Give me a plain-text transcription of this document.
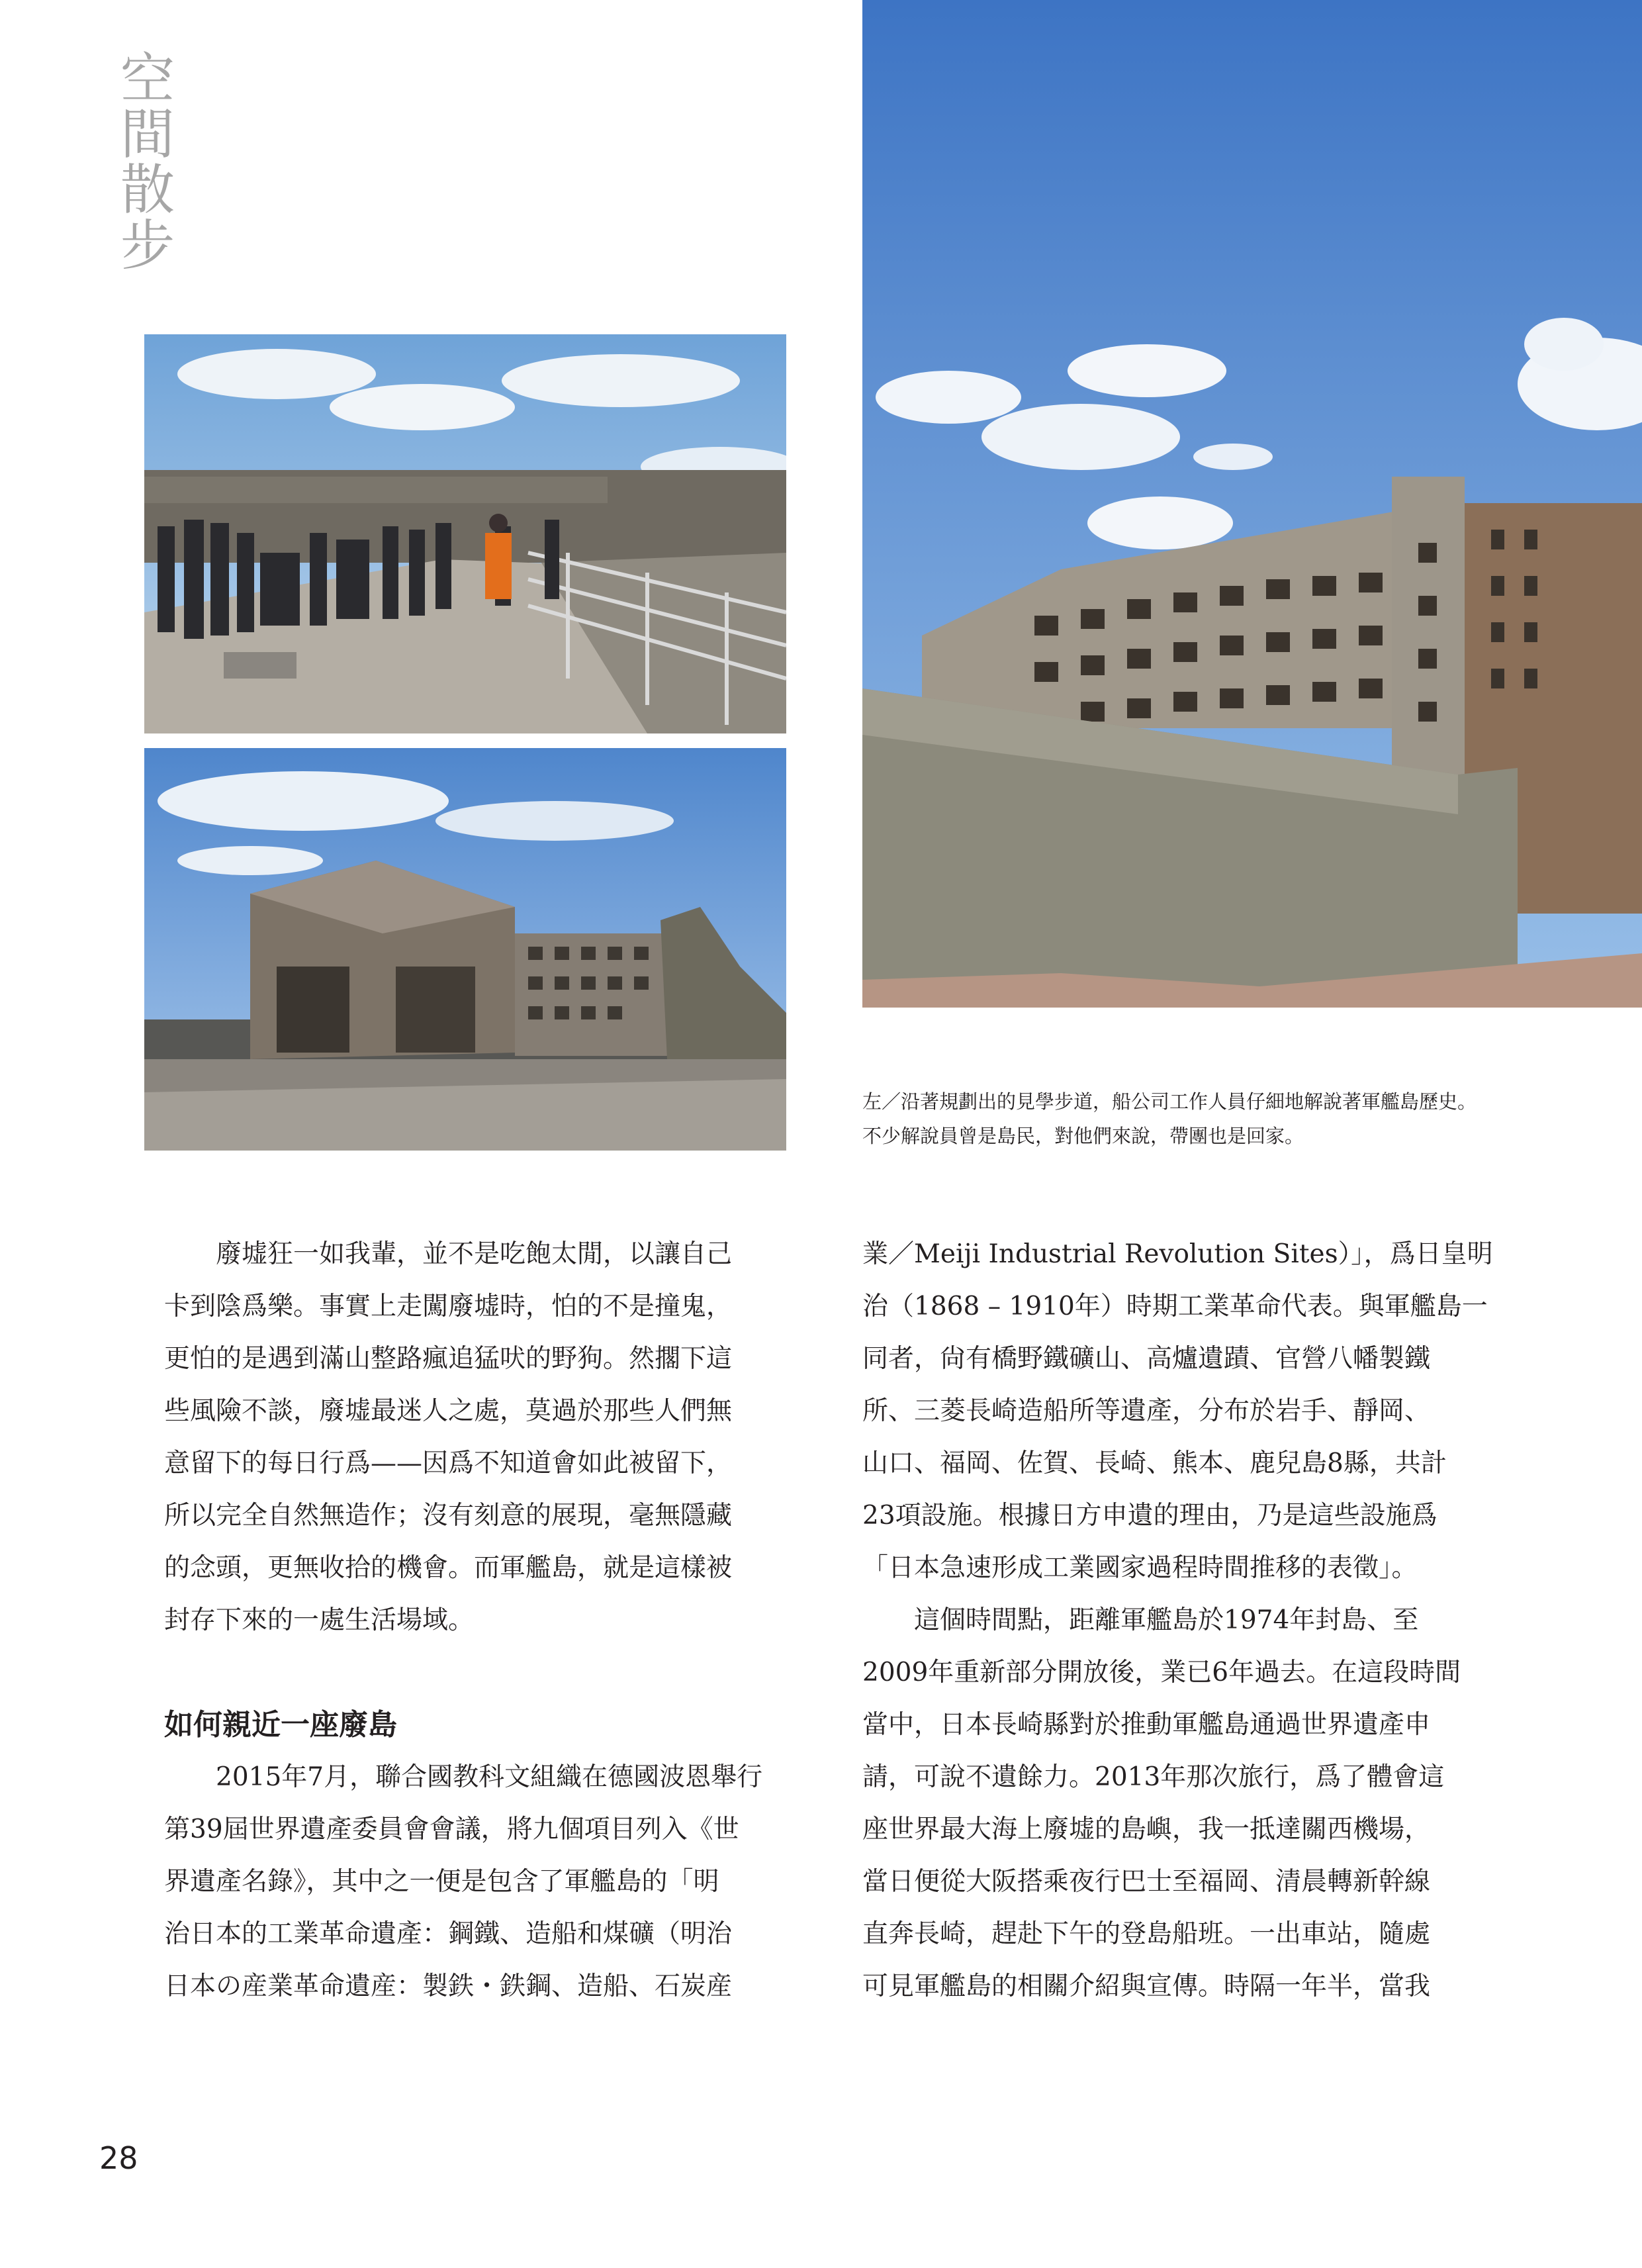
空間
散步

左／沿著規劃出的見學步道，船公司工作人員仔細地解說著軍艦島歷史。

不少解說員曾是島民，對他們來說，帶團也是回家。

　　廢墟狂一如我輩，並不是吃飽太閒，以讓自己

卡到陰爲樂。事實上走闖廢墟時，怕的不是撞鬼，

更怕的是遇到滿山整路瘋追猛吠的野狗。然擱下這

些風險不談，廢墟最迷人之處，莫過於那些人們無

意留下的每日行爲——因爲不知道會如此被留下，

所以完全自然無造作；沒有刻意的展現，毫無隱藏

的念頭，更無收拾的機會。而軍艦島，就是這樣被

封存下來的一處生活場域。

如何親近一座廢島

　　2015年7月，聯合國教科文組織在德國波恩舉行

第39屆世界遺產委員會會議，將九個項目列入《世

界遺產名錄》，其中之一便是包含了軍艦島的「明

治日本的工業革命遺產：鋼鐵、造船和煤礦（明治

日本の産業革命遺産：製鉄・鉄鋼、造船、石炭産

業／Meiji Industrial Revolution Sites）」，爲日皇明

治（1868 – 1910年）時期工業革命代表。與軍艦島一

同者，尙有橋野鐵礦山、高爐遺蹟、官營八幡製鐵

所、三菱長崎造船所等遺產，分布於岩手、靜岡、

山口、福岡、佐賀、長崎、熊本、鹿兒島8縣，共計

23項設施。根據日方申遺的理由，乃是這些設施爲

「日本急速形成工業國家過程時間推移的表徵」。

　　這個時間點，距離軍艦島於1974年封島、至

2009年重新部分開放後，業已6年過去。在這段時間

當中，日本長崎縣對於推動軍艦島通過世界遺產申

請，可說不遺餘力。2013年那次旅行，爲了體會這

座世界最大海上廢墟的島嶼，我一抵達關西機場，

當日便從大阪搭乘夜行巴士至福岡、清晨轉新幹線

直奔長崎，趕赴下午的登島船班。一出車站，隨處

可見軍艦島的相關介紹與宣傳。時隔一年半，當我

28
